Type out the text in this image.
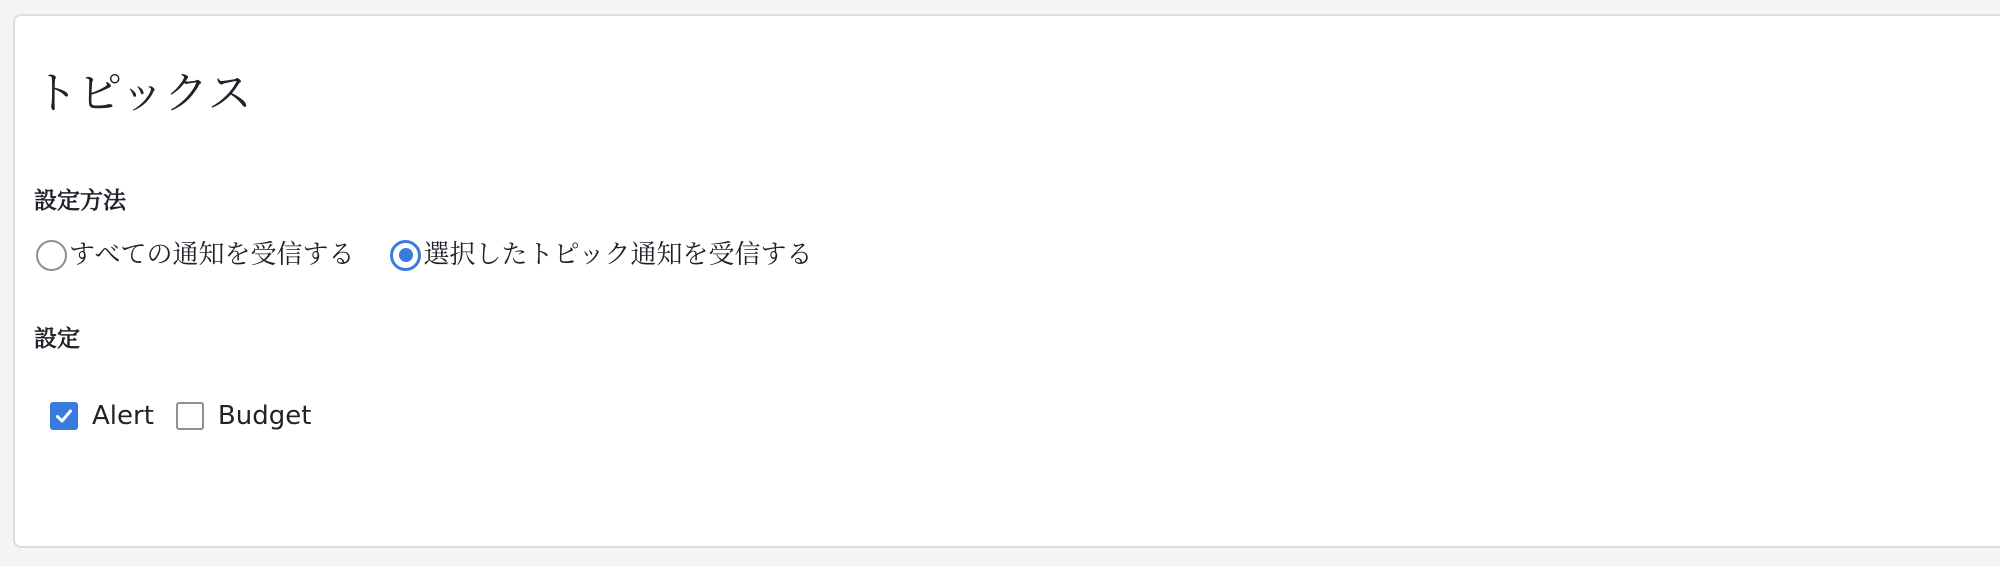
トピックス
設定方法
すべての通知を受信する	選択したトピック通知を受信する
設定
Alert Budget
